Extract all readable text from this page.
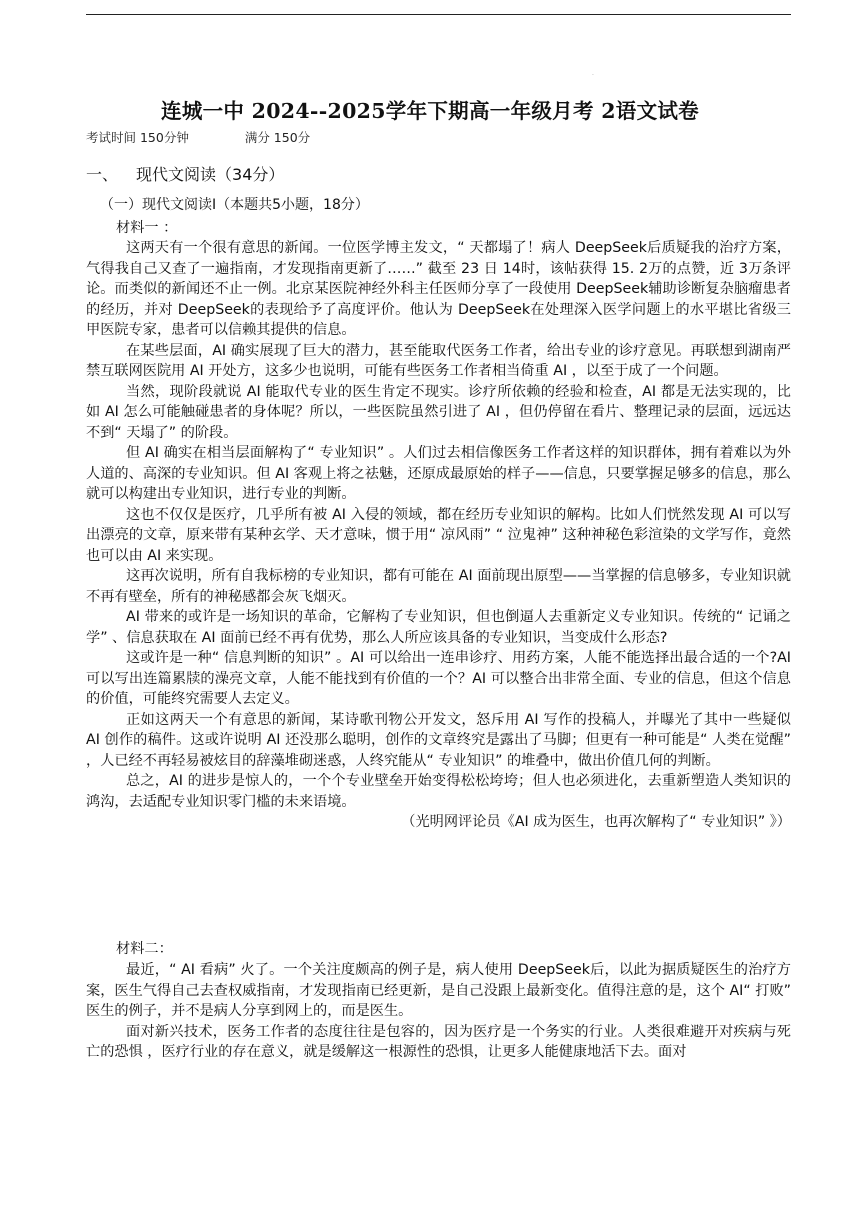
·
连城一中 2024--2025学年下期高一年级月考 2语文试卷
考试时间 150分钟	满分 150分
一、 现代文阅读（34分）
（一）现代文阅读I（本题共5小题，18分）
材料一 ：

这两天有一个很有意思的新闻。一位医学博主发文，“ 天都塌了！病人 DeepSeek后质疑我的治疗方案，气得我自己又查了一遍指南，才发现指南更新了……” 截至 23 日 14时，该帖获得 15. 2万的点赞，近 3万条评论。而类似的新闻还不止一例。北京某医院神经外科主任医师分享了一段使用 DeepSeek辅助诊断复杂脑瘤患者的经历，并对 DeepSeek的表现给予了高度评价。他认为 DeepSeek在处理深入医学问题上的水平堪比省级三甲医院专家，患者可以信赖其提供的信息。

在某些层面，AI 确实展现了巨大的潜力，甚至能取代医务工作者，给出专业的诊疗意见。再联想到湖南严禁互联网医院用 AI 开处方，这多少也说明，可能有些医务工作者相当倚重 AI ，以至于成了一个问题。

当然，现阶段就说 AI 能取代专业的医生肯定不现实。诊疗所依赖的经验和检查，AI 都是无法实现的，比如 AI 怎么可能触碰患者的身体呢？所以，一些医院虽然引进了 AI ，但仍停留在看片、整理记录的层面，远远达不到“ 天塌了” 的阶段。

但 AI 确实在相当层面解构了“ 专业知识” 。人们过去相信像医务工作者这样的知识群体，拥有着难以为外人道的、高深的专业知识。但 AI 客观上将之祛魅，还原成最原始的样子——信息，只要掌握足够多的信息，那么就可以构建出专业知识，进行专业的判断。

这也不仅仅是医疗，几乎所有被 AI 入侵的领域，都在经历专业知识的解构。比如人们恍然发现 AI 可以写出漂亮的文章，原来带有某种玄学、天才意味，惯于用“ 凉风雨” “ 泣鬼神” 这种神秘色彩渲染的文学写作，竟然也可以由 AI 来实现。

这再次说明，所有自我标榜的专业知识，都有可能在 AI 面前现出原型——当掌握的信息够多，专业知识就不再有壁垒，所有的神秘感都会灰飞烟灭。

AI 带来的或许是一场知识的革命，它解构了专业知识，但也倒逼人去重新定义专业知识。传统的“ 记诵之学” 、信息获取在 AI 面前已经不再有优势，那么人所应该具备的专业知识，当变成什么形态?

这或许是一种“ 信息判断的知识” 。AI 可以给出一连串诊疗、用药方案，人能不能选择出最合适的一个?AI 可以写出连篇累牍的澡亮文章，人能不能找到有价值的一个？AI 可以整合出非常全面、专业的信息，但这个信息的价值，可能终究需要人去定义。

正如这两天一个有意思的新闻，某诗歌刊物公开发文，怒斥用 AI 写作的投稿人，并曝光了其中一些疑似 AI 创作的稿件。这或许说明 AI 还没那么聪明，创作的文章终究是露出了马脚；但更有一种可能是“ 人类在觉醒” ，人已经不再轻易被炫目的辞藻堆砌迷惑，人终究能从“ 专业知识” 的堆叠中，做出价值几何的判断。

总之，AI 的进步是惊人的，一个个专业壁垒开始变得松松垮垮；但人也必须进化，去重新塑造人类知识的鸿沟，去适配专业知识零门槛的未来语境。

（光明网评论员《AI 成为医生，也再次解构了“ 专业知识” 》）

材料二：

最近，“ AI 看病” 火了。一个关注度颇高的例子是，病人使用 DeepSeek后，以此为据质疑医生的治疗方案，医生气得自己去查权威指南，才发现指南已经更新，是自己没跟上最新变化。值得注意的是，这个 AI“ 打败” 医生的例子，并不是病人分享到网上的，而是医生。

面对新兴技术，医务工作者的态度往往是包容的，因为医疗是一个务实的行业。人类很难避开对疾病与死亡的恐惧 ，医疗行业的存在意义，就是缓解这一根源性的恐惧，让更多人能健康地活下去。面对
